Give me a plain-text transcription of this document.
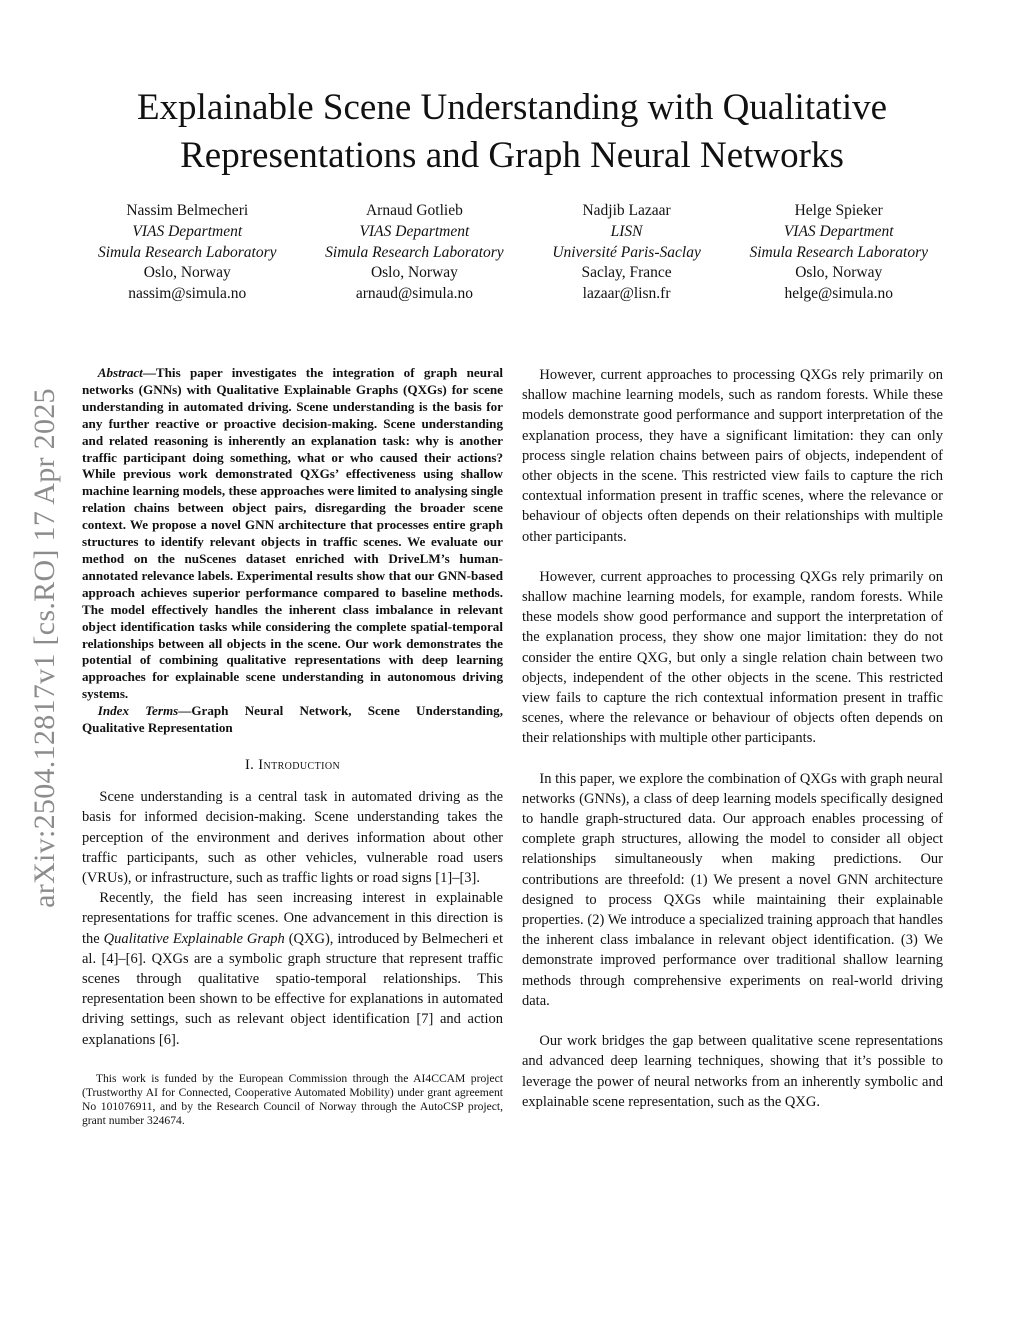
arXiv:2504.12817v1 [cs.RO] 17 Apr 2025
Explainable Scene Understanding with Qualitative
Representations and Graph Neural Networks
Nassim Belmecheri
VIAS Department
Simula Research Laboratory
Oslo, Norway
nassim@simula.no
Arnaud Gotlieb
VIAS Department
Simula Research Laboratory
Oslo, Norway
arnaud@simula.no
Nadjib Lazaar
LISN
Université Paris-Saclay
Saclay, France
lazaar@lisn.fr
Helge Spieker
VIAS Department
Simula Research Laboratory
Oslo, Norway
helge@simula.no

Abstract—This paper investigates the integration of graph neural networks (GNNs) with Qualitative Explainable Graphs (QXGs) for scene understanding in automated driving. Scene understanding is the basis for any further reactive or proactive decision-making. Scene understanding and related reasoning is inherently an explanation task: why is another traffic participant doing something, what or who caused their actions? While previous work demonstrated QXGs’ effectiveness using shallow machine learning models, these approaches were limited to analysing single relation chains between object pairs, disregarding the broader scene context. We propose a novel GNN architecture that processes entire graph structures to identify relevant objects in traffic scenes. We evaluate our method on the nuScenes dataset enriched with DriveLM’s human-annotated relevance labels. Experimental results show that our GNN-based approach achieves superior performance compared to baseline methods. The model effectively handles the inherent class imbalance in relevant object identification tasks while considering the complete spatial-temporal relationships between all objects in the scene. Our work demonstrates the potential of combining qualitative representations with deep learning approaches for explainable scene understanding in autonomous driving systems.

Index Terms—Graph Neural Network, Scene Understanding, Qualitative Representation

I. Introduction

Scene understanding is a central task in automated driving as the basis for informed decision-making. Scene understanding takes the perception of the environment and derives information about other traffic participants, such as other vehicles, vulnerable road users (VRUs), or infrastructure, such as traffic lights or road signs [1]–[3].

Recently, the field has seen increasing interest in explainable representations for traffic scenes. One advancement in this direction is the Qualitative Explainable Graph (QXG), introduced by Belmecheri et al. [4]–[6]. QXGs are a symbolic graph structure that represent traffic scenes through qualitative spatio-temporal relationships. This representation been shown to be effective for explanations in automated driving settings, such as relevant object identification [7] and action explanations [6].

This work is funded by the European Commission through the AI4CCAM project (Trustworthy AI for Connected, Cooperative Automated Mobility) under grant agreement No 101076911, and by the Research Council of Norway through the AutoCSP project, grant number 324674.

However, current approaches to processing QXGs rely primarily on shallow machine learning models, such as random forests. While these models demonstrate good performance and support interpretation of the explanation process, they have a significant limitation: they can only process single relation chains between pairs of objects, independent of other objects in the scene. This restricted view fails to capture the rich contextual information present in traffic scenes, where the relevance or behaviour of objects often depends on their relationships with multiple other participants.

However, current approaches to processing QXGs rely primarily on shallow machine learning models, for example, random forests. While these models show good performance and support the interpretation of the explanation process, they show one major limitation: they do not consider the entire QXG, but only a single relation chain between two objects, independent of the other objects in the scene. This restricted view fails to capture the rich contextual information present in traffic scenes, where the relevance or behaviour of objects often depends on their relationships with multiple other participants.

In this paper, we explore the combination of QXGs with graph neural networks (GNNs), a class of deep learning models specifically designed to handle graph-structured data. Our approach enables processing of complete graph structures, allowing the model to consider all object relationships simultaneously when making predictions. Our contributions are threefold: (1) We present a novel GNN architecture designed to process QXGs while maintaining their explainable properties. (2) We introduce a specialized training approach that handles the inherent class imbalance in relevant object identification. (3) We demonstrate improved performance over traditional shallow learning methods through comprehensive experiments on real-world driving data.

Our work bridges the gap between qualitative scene representations and advanced deep learning techniques, showing that it’s possible to leverage the power of neural networks from an inherently symbolic and explainable scene representation, such as the QXG.
